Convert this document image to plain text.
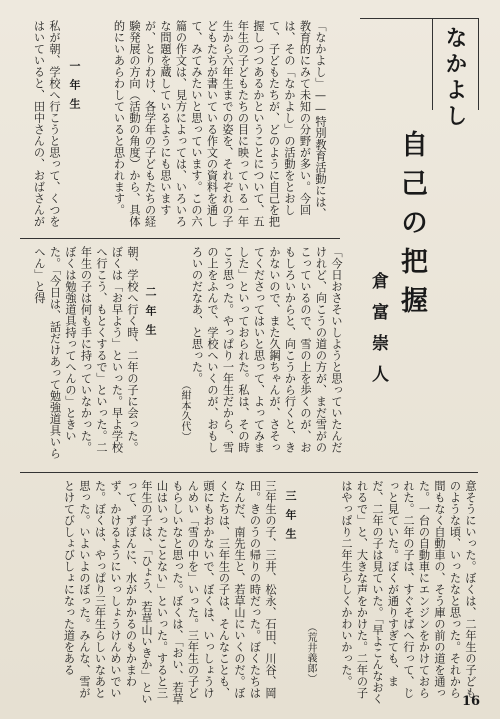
なかよし
「なかよし」——特別教育活動には、教育的にみて未知の分野が多い。今回は、その「なかよし」の活動をとおして、子どもたちが、どのように自己を把握しつつあるかということについて、五年生の子どもたちの目に映っている一年生から六年生までの姿を、それぞれの子どもたちが書いている作文の資料を通して、みてみたいと思っています。この六篇の作文は、見方によっては、いろいろな問題を蔵しているようにも思いますが、とりわけ、各学年の子どもたちの経験発展の方向（活動の角度）から、具体的にいあらわしていると思われます。
一年生
私が朝、学校へ行こうと思って、くつをはいていると、田中さんの、おばさんが
自己の把握
倉富崇人
「今日おさそいしようと思っていたんだけれど、向こうの道の方が、まだ雪がのこっているので、雪の上を歩くのが、おもしろいからと、向こうから行くと、きかないので、また久鋼ちゃんが、さそってくださってはいと思って、よってみました」といっておられた。私は、その時こう思った。やっぱり一年生だから、雪の上をふんで、学校へいくのが、おもしろいのだなあ、と思った。
（紺本久代）
二年生
朝、学校へ行く時、二年の子に会った。ぼくは「お早よう」といった。早よ学校へ行こう、もとくするで」といった。二年生の子は何も手に持っていなかった。ぼくは勉強道具持ってへんの」ときいた。「今日は、話だけあって勉強道具いらへん」と得
意そうにいった。ぼくは、二年生の子どものような頃、いったなと思った。それから間もなく自動車の、そう庫の前の道を通った。一台の自動車にエンジンをかけておられた。二年の子は、すぐそばへ行って、じっと見ていた。ぼくが通りすぎても、まだ、二年の子は見ていた。「早よこんなおくれるで」と、大きな声をかけた。二年の子はやっぱり二年生らしくかわいかった。
（荒井義郎）
三年生
三年生の子、三井、松永、石田、川谷、岡田。きのうの帰りの時だった。ぼくたちはなんだ、南先生と、若草山にいくのだ。ぼくたちは、三年生の子は、そんなことも、頭にもおかないで、ぼくは、いっしょうけんめい「雪の中を」いった。三年生の子どもらしいなと思った。ぼくは、「おい、若草山はいったことない」といった。すると三年生の子は、「ひょう、若草山いきか」といって、ずぼんに、水がかかるのもかまわず、かけるようにいっしょうけんめいでいた。ぼくは、やっぱり三年生らしいなあと思った。いよいよのぼった。みんな、雪がとけてびしょびしょになった道をある
16
